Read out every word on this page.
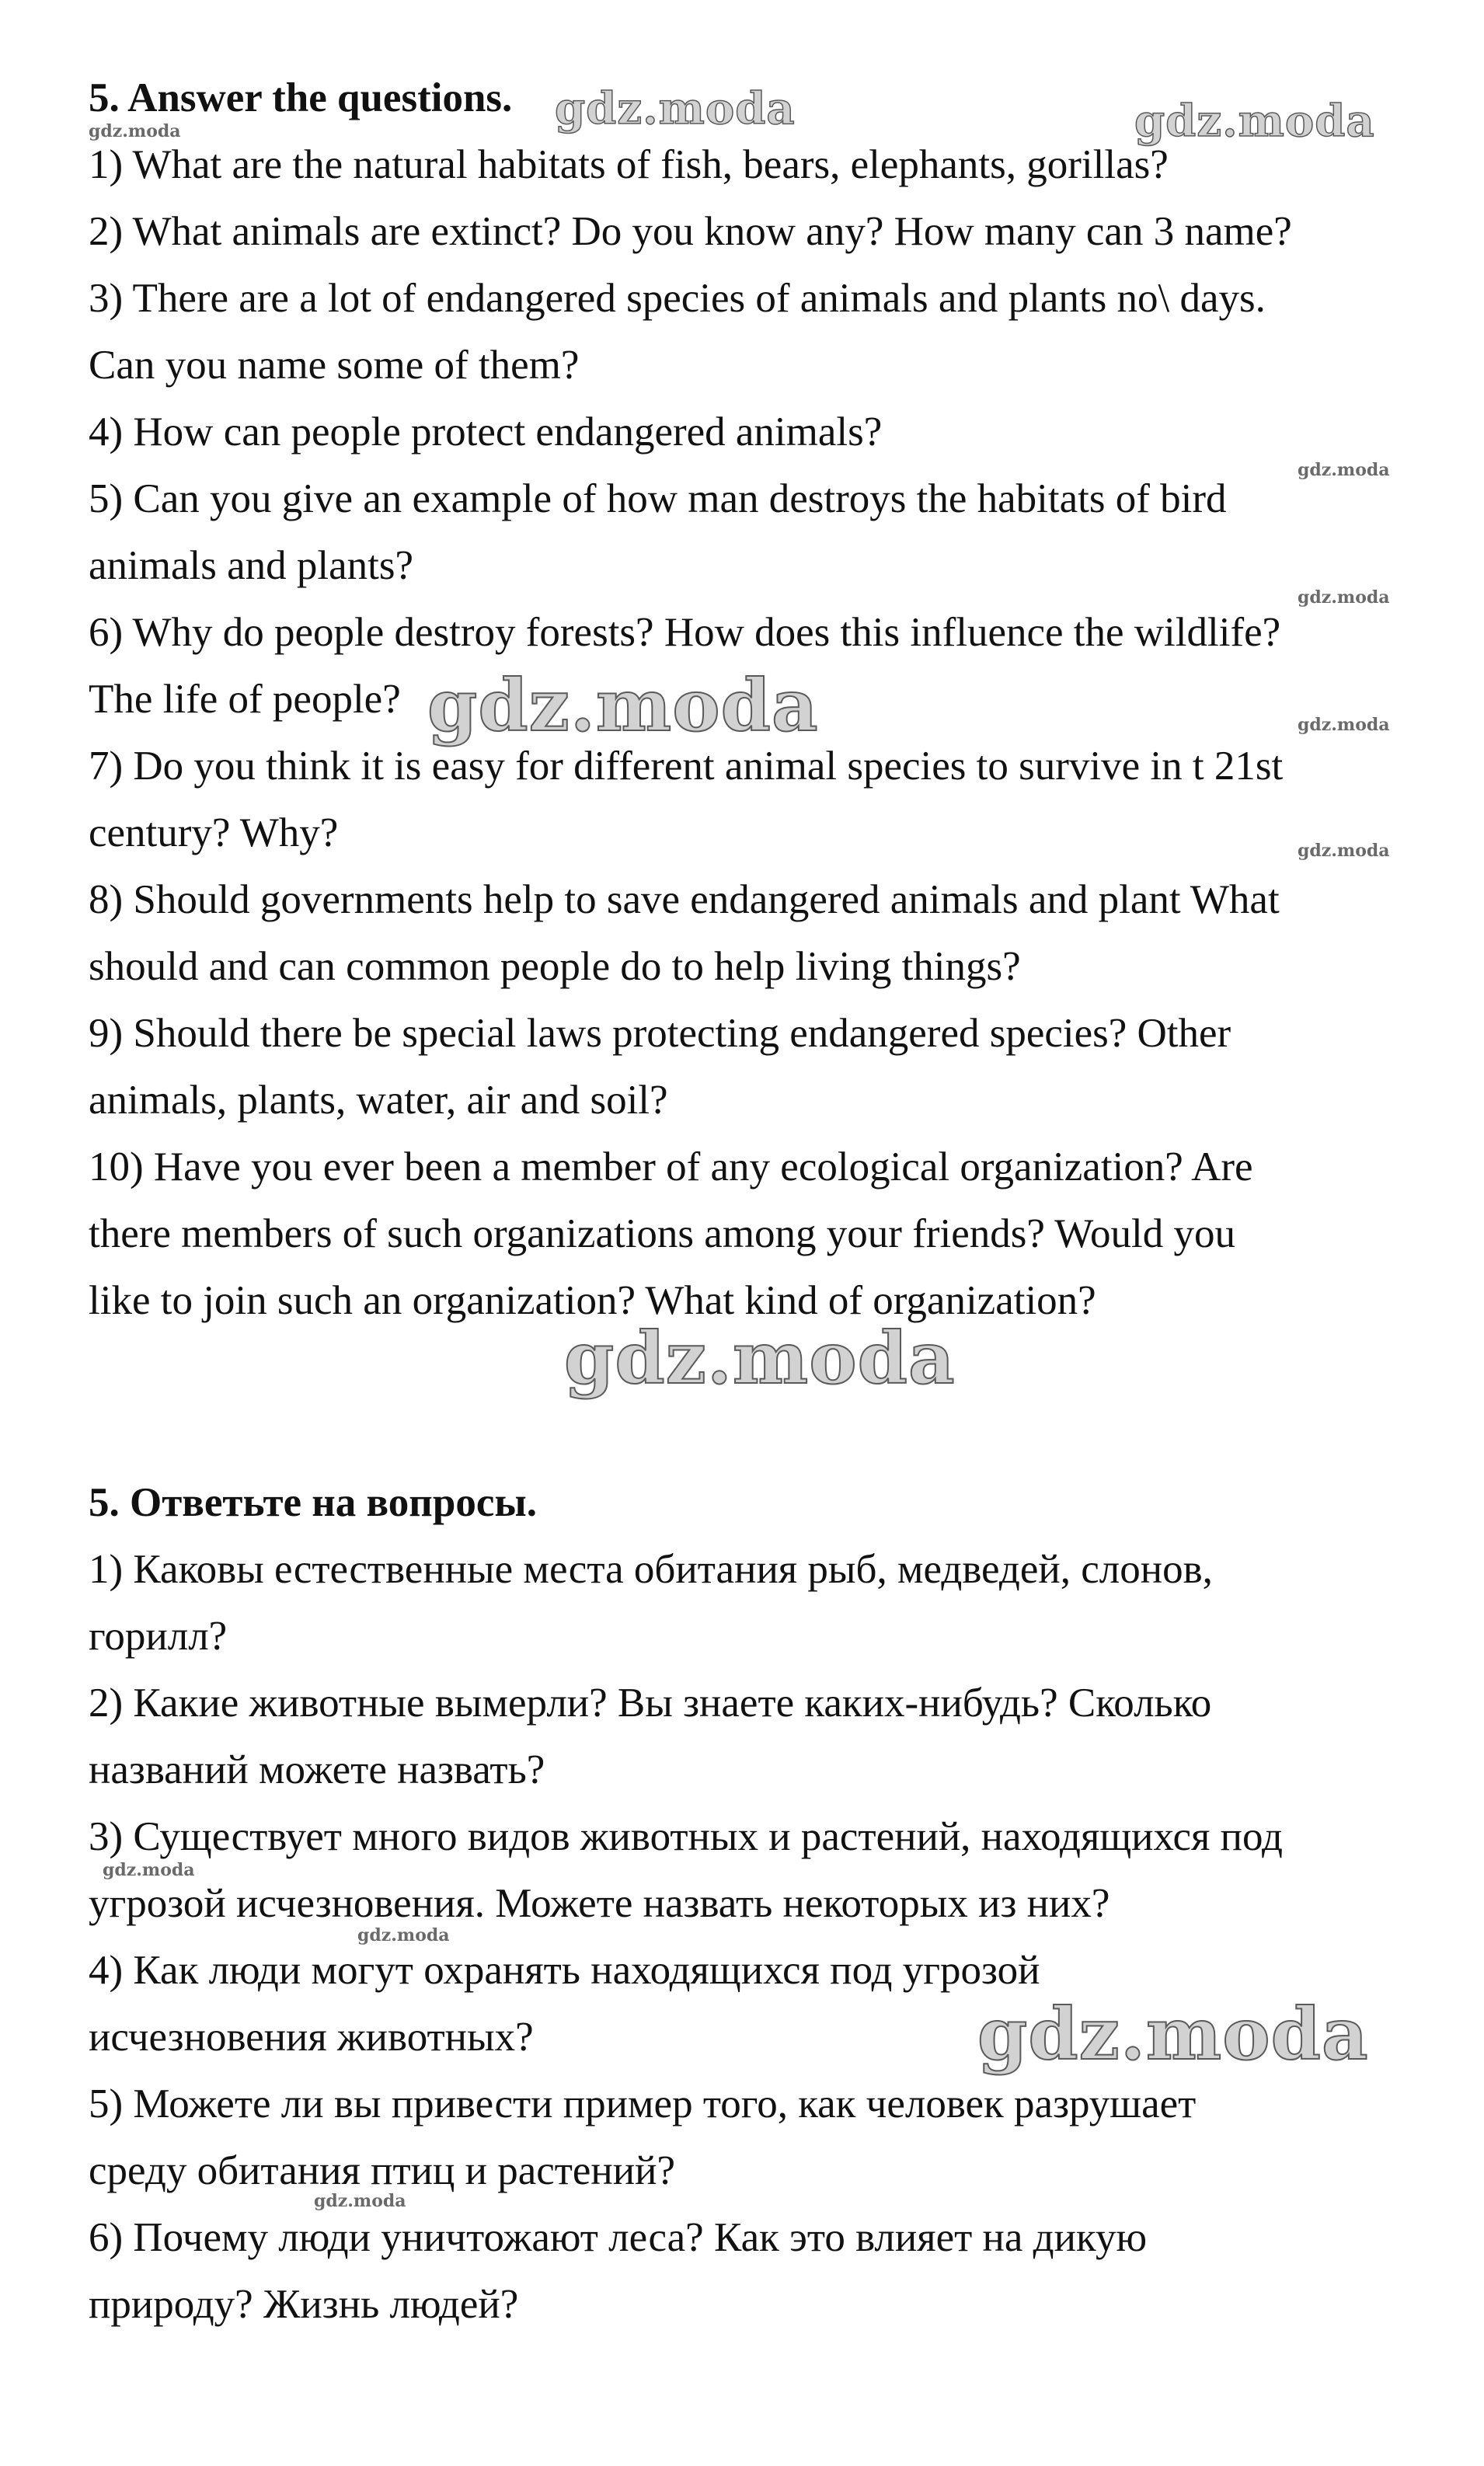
5. Answer the questions.
1) What are the natural habitats of fish, bears, elephants, gorillas?
2) What animals are extinct? Do you know any? How many can 3 name?
3) There are a lot of endangered species of animals and plants no\ days.
Can you name some of them?
4) How can people protect endangered animals?
5) Can you give an example of how man destroys the habitats of bird
animals and plants?
6) Why do people destroy forests? How does this influence the wildlife?
The life of people?
7) Do you think it is easy for different animal species to survive in t 21st
century? Why?
8) Should governments help to save endangered animals and plant What
should and can common people do to help living things?
9) Should there be special laws protecting endangered species? Other
animals, plants, water, air and soil?
10) Have you ever been a member of any ecological organization? Are
there members of such organizations among your friends? Would you
like to join such an organization? What kind of organization?
5. Ответьте на вопросы.
1) Каковы естественные места обитания рыб, медведей, слонов,
горилл?
2) Какие животные вымерли? Вы знаете каких-нибудь? Сколько
названий можете назвать?
3) Существует много видов животных и растений, находящихся под
угрозой исчезновения. Можете назвать некоторых из них?
4) Как люди могут охранять находящихся под угрозой
исчезновения животных?
5) Можете ли вы привести пример того, как человек разрушает
среду обитания птиц и растений?
6) Почему люди уничтожают леса? Как это влияет на дикую
природу? Жизнь людей?
gdz.moda	gdz.moda
gdz.moda
gdz.moda
gdz.moda
gdz.moda	gdz.moda
gdz.moda
gdz.moda
gdz.moda
gdz.moda
gdz.moda
gdz.moda
